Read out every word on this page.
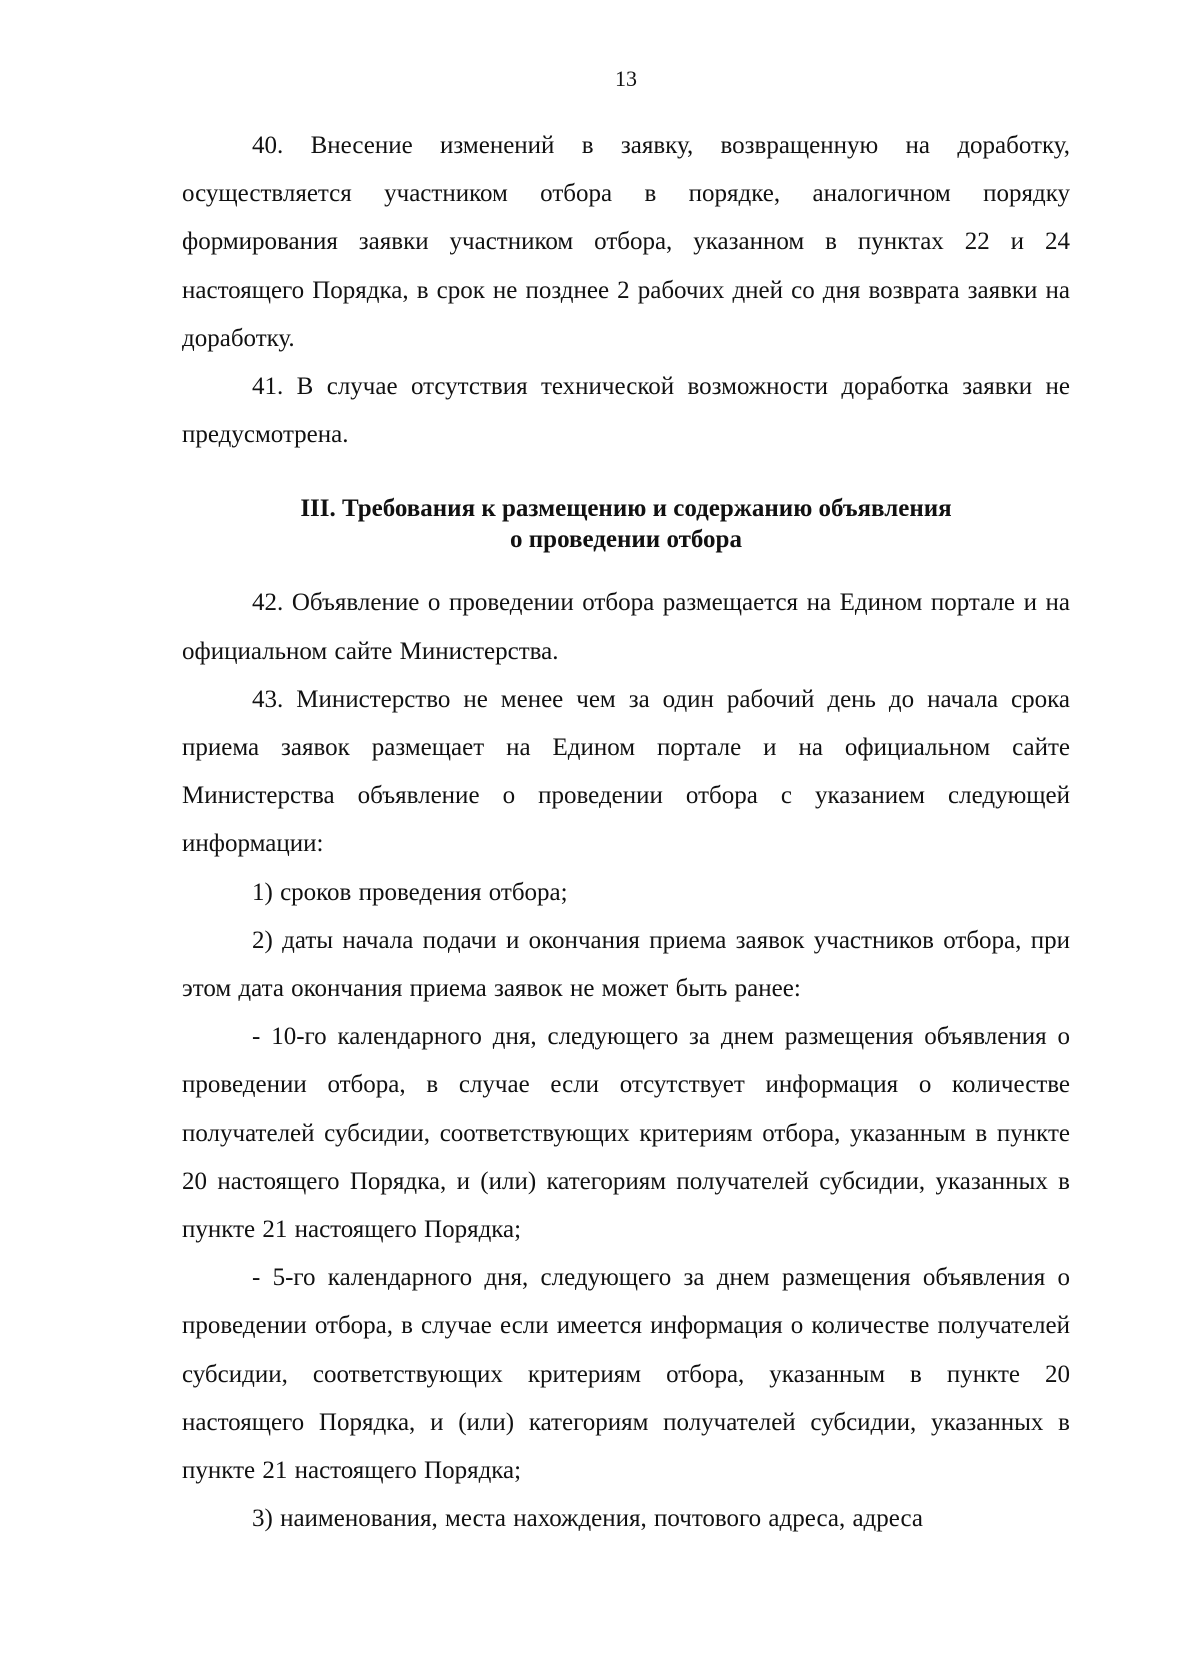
13

40. Внесение изменений в заявку, возвращенную на доработку, осуществляется участником отбора в порядке, аналогичном порядку формирования заявки участником отбора, указанном в пунктах 22 и 24 настоящего Порядка, в срок не позднее 2 рабочих дней со дня возврата заявки на доработку.

41. В случае отсутствия технической возможности доработка заявки не предусмотрена.

III. Требования к размещению и содержанию объявления
о проведении отбора

42. Объявление о проведении отбора размещается на Едином портале и на официальном сайте Министерства.

43. Министерство не менее чем за один рабочий день до начала срока приема заявок размещает на Едином портале и на официальном сайте Министерства объявление о проведении отбора с указанием следующей информации:

1) сроков проведения отбора;

2) даты начала подачи и окончания приема заявок участников отбора, при этом дата окончания приема заявок не может быть ранее:

- 10-го календарного дня, следующего за днем размещения объявления о проведении отбора, в случае если отсутствует информация о количестве получателей субсидии, соответствующих критериям отбора, указанным в пункте 20 настоящего Порядка, и (или) категориям получателей субсидии, указанных в пункте 21 настоящего Порядка;

- 5-го календарного дня, следующего за днем размещения объявления о проведении отбора, в случае если имеется информация о количестве получателей субсидии, соответствующих критериям отбора, указанным в пункте 20 настоящего Порядка, и (или) категориям получателей субсидии, указанных в пункте 21 настоящего Порядка;

3) наименования, места нахождения, почтового адреса, адреса
